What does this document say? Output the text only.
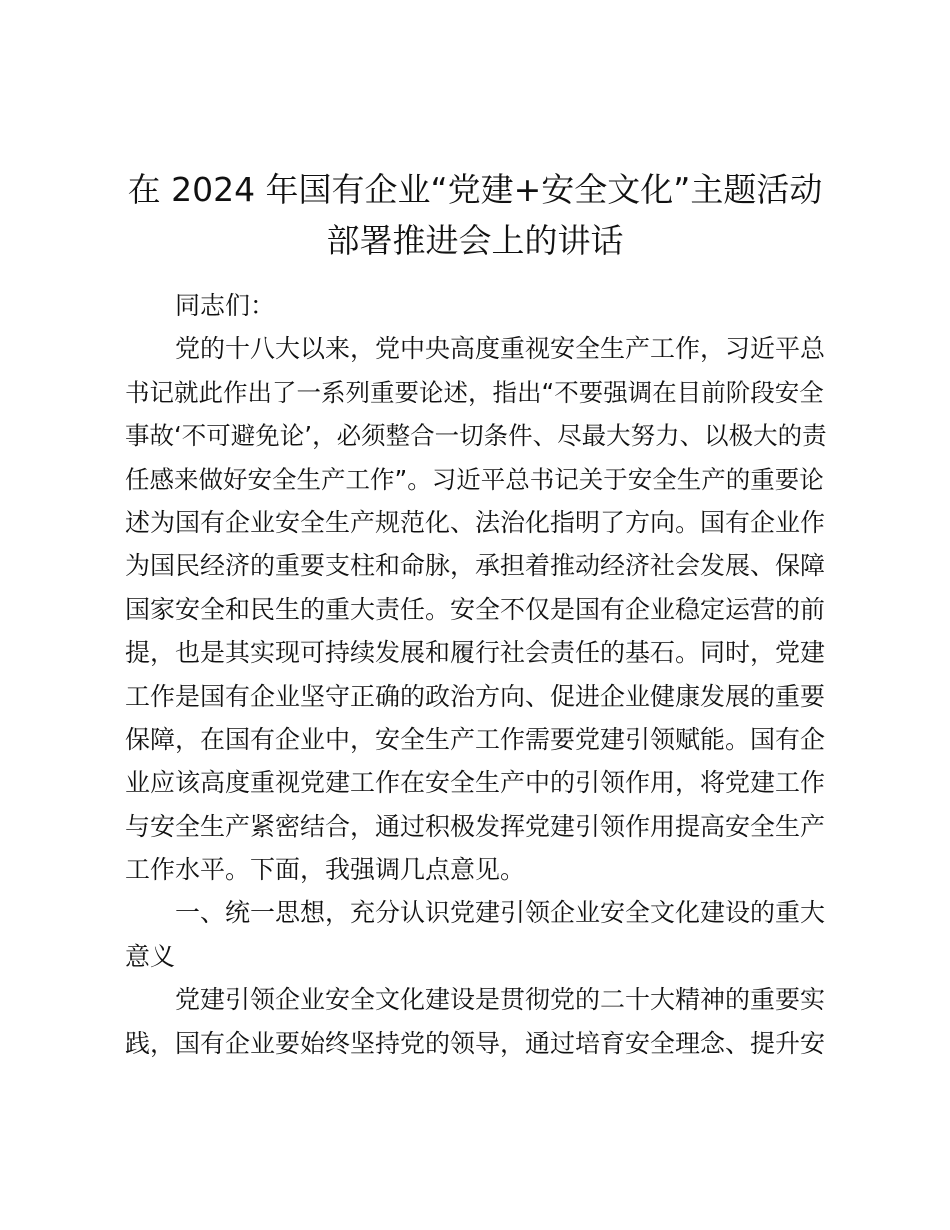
在 2024 年国有企业“党建+安全文化”主题活动
部署推进会上的讲话
同志们：
党的十八大以来，党中央高度重视安全生产工作，习近平总
书记就此作出了一系列重要论述，指出“不要强调在目前阶段安全
事故‘不可避免论’，必须整合一切条件、尽最大努力、以极大的责
任感来做好安全生产工作”。习近平总书记关于安全生产的重要论
述为国有企业安全生产规范化、法治化指明了方向。国有企业作
为国民经济的重要支柱和命脉，承担着推动经济社会发展、保障
国家安全和民生的重大责任。安全不仅是国有企业稳定运营的前
提，也是其实现可持续发展和履行社会责任的基石。同时，党建
工作是国有企业坚守正确的政治方向、促进企业健康发展的重要
保障，在国有企业中，安全生产工作需要党建引领赋能。国有企
业应该高度重视党建工作在安全生产中的引领作用，将党建工作
与安全生产紧密结合，通过积极发挥党建引领作用提高安全生产
工作水平。下面，我强调几点意见。
一、统一思想，充分认识党建引领企业安全文化建设的重大
意义
党建引领企业安全文化建设是贯彻党的二十大精神的重要实
践，国有企业要始终坚持党的领导，通过培育安全理念、提升安
